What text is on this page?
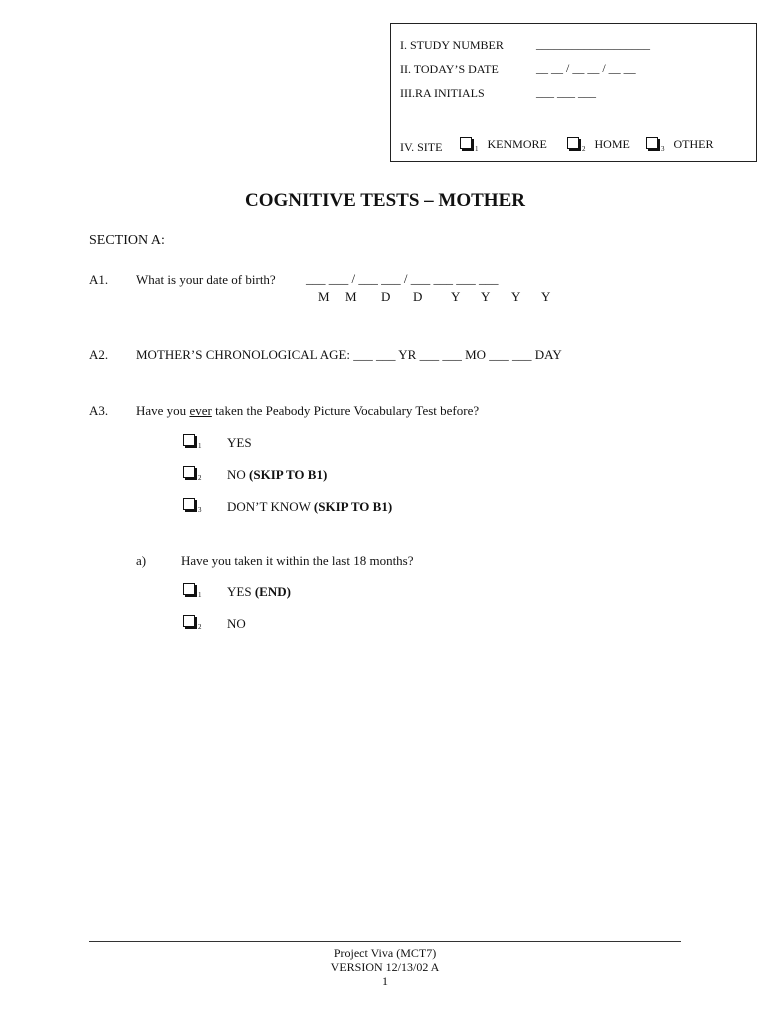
I. STUDY NUMBER	___________________
II. TODAY’S DATE	__ __ / __ __ / __ __
III.RA INITIALS	___ ___ ___
IV. SITE	$_1$ KENMORE	$_2$ HOME	$_3$ OTHER
COGNITIVE TESTS – MOTHER
SECTION A:
A1. What is your date of birth? ___ ___ / ___ ___ / ___ ___ ___ ___
M M D D Y Y Y Y
A2. MOTHER’S CHRONOLOGICAL AGE: ___ ___ YR ___ ___ MO ___ ___ DAY
A3. Have you ever taken the Peabody Picture Vocabulary Test before?
$_1$ YES
$_2$ NO (SKIP TO B1)
$_3$ DON’T KNOW (SKIP TO B1)
a)	Have you taken it within the last 18 months?
$_1$ YES (END)
$_2$ NO
Project Viva (MCT7)
VERSION 12/13/02 A
1
